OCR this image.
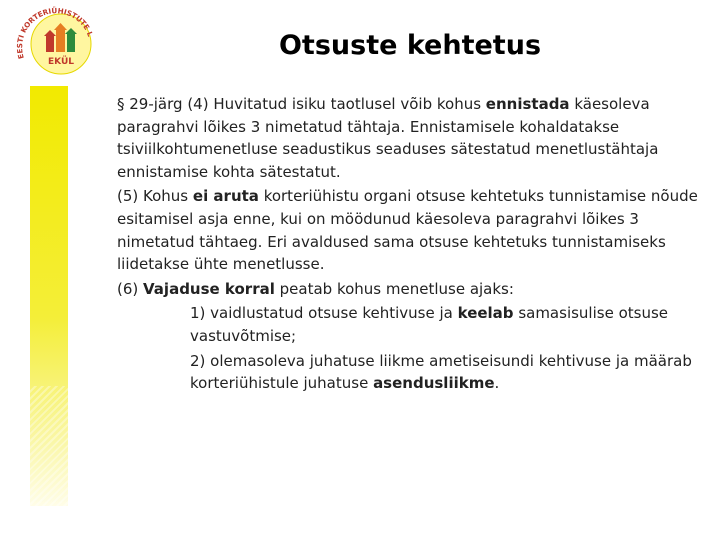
EESTI KORTERIÜHISTUTE L
EKÜL
Otsuste kehtetus

§ 29-järg (4) Huvitatud isiku taotlusel võib kohus ennistada käesoleva paragrahvi lõikes 3 nimetatud tähtaja. Ennistamisele kohaldatakse tsiviilkohtumenetluse seadustikus seaduses sätestatud menetlustähtaja ennistamise kohta sätestatut.

(5) Kohus ei aruta korteriühistu organi otsuse kehtetuks tunnistamise nõude esitamisel asja enne, kui on möödunud käesoleva paragrahvi lõikes 3 nimetatud tähtaeg. Eri avaldused sama otsuse kehtetuks tunnistamiseks liidetakse ühte menetlusse.

(6) Vajaduse korral peatab kohus menetluse ajaks:

1) vaidlustatud otsuse kehtivuse ja keelab samasisulise otsuse vastuvõtmise;

2) olemasoleva juhatuse liikme ametiseisundi kehtivuse ja määrab korteriühistule juhatuse asendusliikme.
